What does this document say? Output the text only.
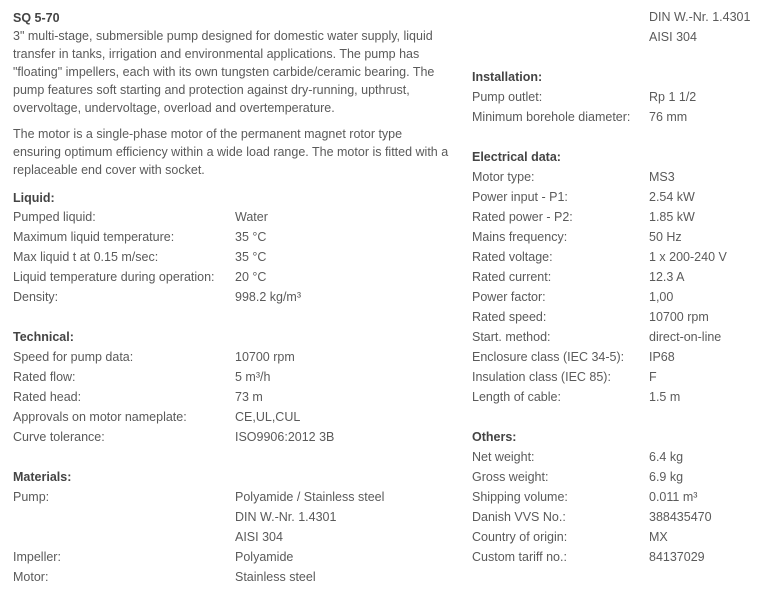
SQ 5-70
3" multi-stage, submersible pump designed for domestic water supply, liquid transfer in tanks, irrigation and environmental applications. The pump has "floating" impellers, each with its own tungsten carbide/ceramic bearing. The pump features soft starting and protection against dry-running, upthrust, overvoltage, undervoltage, overload and overtemperature.
The motor is a single-phase motor of the permanent magnet rotor type ensuring optimum efficiency within a wide load range. The motor is fitted with a replaceable end cover with socket.
Liquid:
Pumped liquid:	Water
Maximum liquid temperature:	35 °C
Max liquid t at 0.15 m/sec:	35 °C
Liquid temperature during operation: 20 °C
Density:	998.2 kg/m³
Technical:
Speed for pump data:	10700 rpm
Rated flow:	5 m³/h
Rated head:	73 m
Approvals on motor nameplate:	CE,UL,CUL
Curve tolerance:	ISO9906:2012 3B
Materials:
Pump:	Polyamide / Stainless steel
DIN W.-Nr. 1.4301
AISI 304
Impeller:	Polyamide
Motor:	Stainless steel
DIN W.-Nr. 1.4301
AISI 304
Installation:
Pump outlet:	Rp 1 1/2
Minimum borehole diameter: 76 mm
Electrical data:
Motor type:	MS3
Power input - P1:	2.54 kW
Rated power - P2:	1.85 kW
Mains frequency:	50 Hz
Rated voltage:	1 x 200-240 V
Rated current:	12.3 A
Power factor:	1,00
Rated speed:	10700 rpm
Start. method:	direct-on-line
Enclosure class (IEC 34-5): IP68
Insulation class (IEC 85):	F
Length of cable:	1.5 m
Others:
Net weight:	6.4 kg
Gross weight:	6.9 kg
Shipping volume:	0.011 m³
Danish VVS No.:	388435470
Country of origin:	MX
Custom tariff no.:	84137029
